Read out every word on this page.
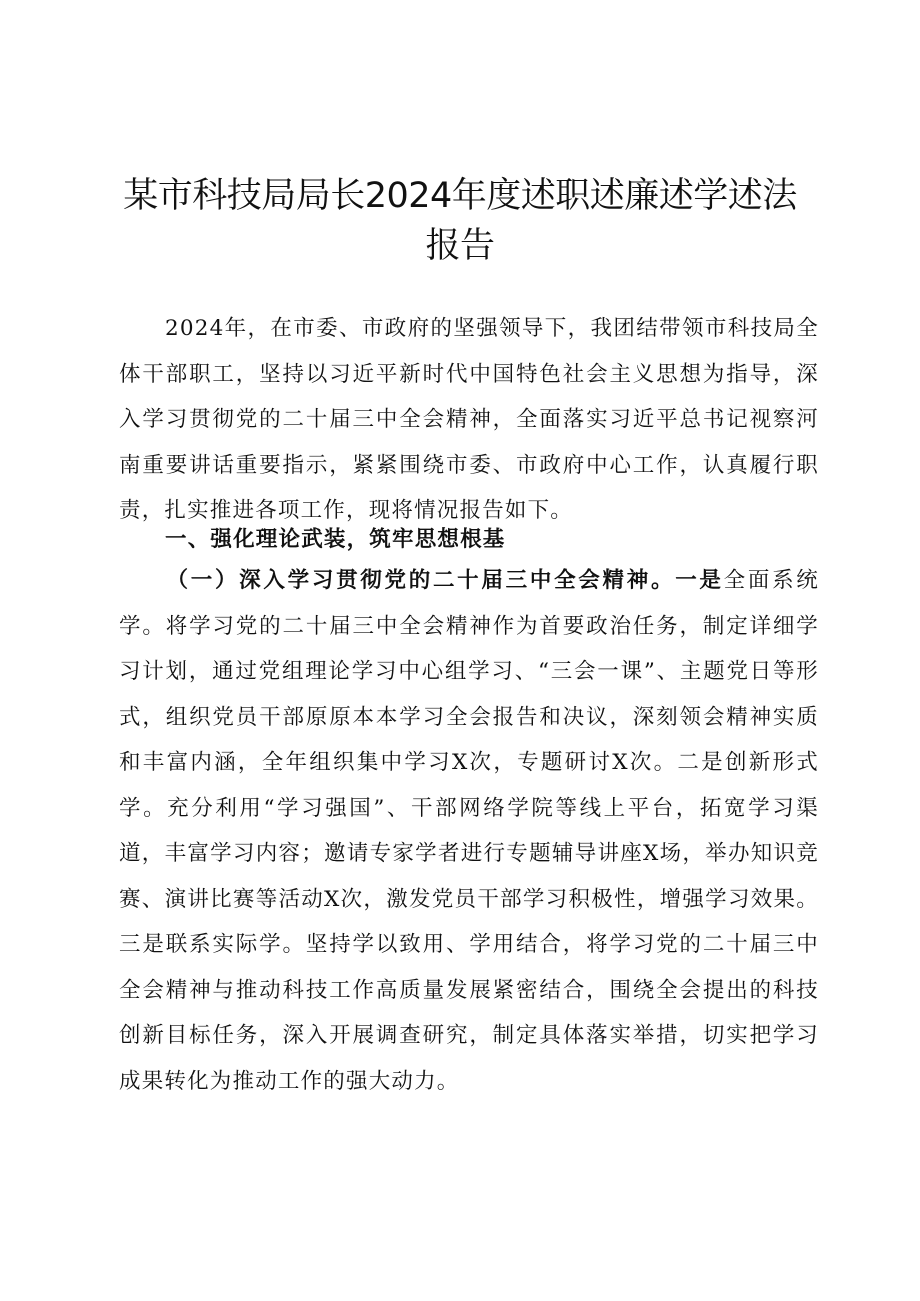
某市科技局局长2024年度述职述廉述学述法
报告
2024年，在市委、市政府的坚强领导下，我团结带领市科技局全体干部职工，坚持以习近平新时代中国特色社会主义思想为指导，深入学习贯彻党的二十届三中全会精神，全面落实习近平总书记视察河南重要讲话重要指示，紧紧围绕市委、市政府中心工作，认真履行职责，扎实推进各项工作，现将情况报告如下。
一、强化理论武装，筑牢思想根基
（一）深入学习贯彻党的二十届三中全会精神。一是全面系统学。将学习党的二十届三中全会精神作为首要政治任务，制定详细学习计划，通过党组理论学习中心组学习、“三会一课”、主题党日等形式，组织党员干部原原本本学习全会报告和决议，深刻领会精神实质和丰富内涵，全年组织集中学习X次，专题研讨X次。二是创新形式学。充分利用“学习强国”、干部网络学院等线上平台，拓宽学习渠道，丰富学习内容；邀请专家学者进行专题辅导讲座X场，举办知识竞赛、演讲比赛等活动X次，激发党员干部学习积极性，增强学习效果。三是联系实际学。坚持学以致用、学用结合，将学习党的二十届三中全会精神与推动科技工作高质量发展紧密结合，围绕全会提出的科技创新目标任务，深入开展调查研究，制定具体落实举措，切实把学习成果转化为推动工作的强大动力。
